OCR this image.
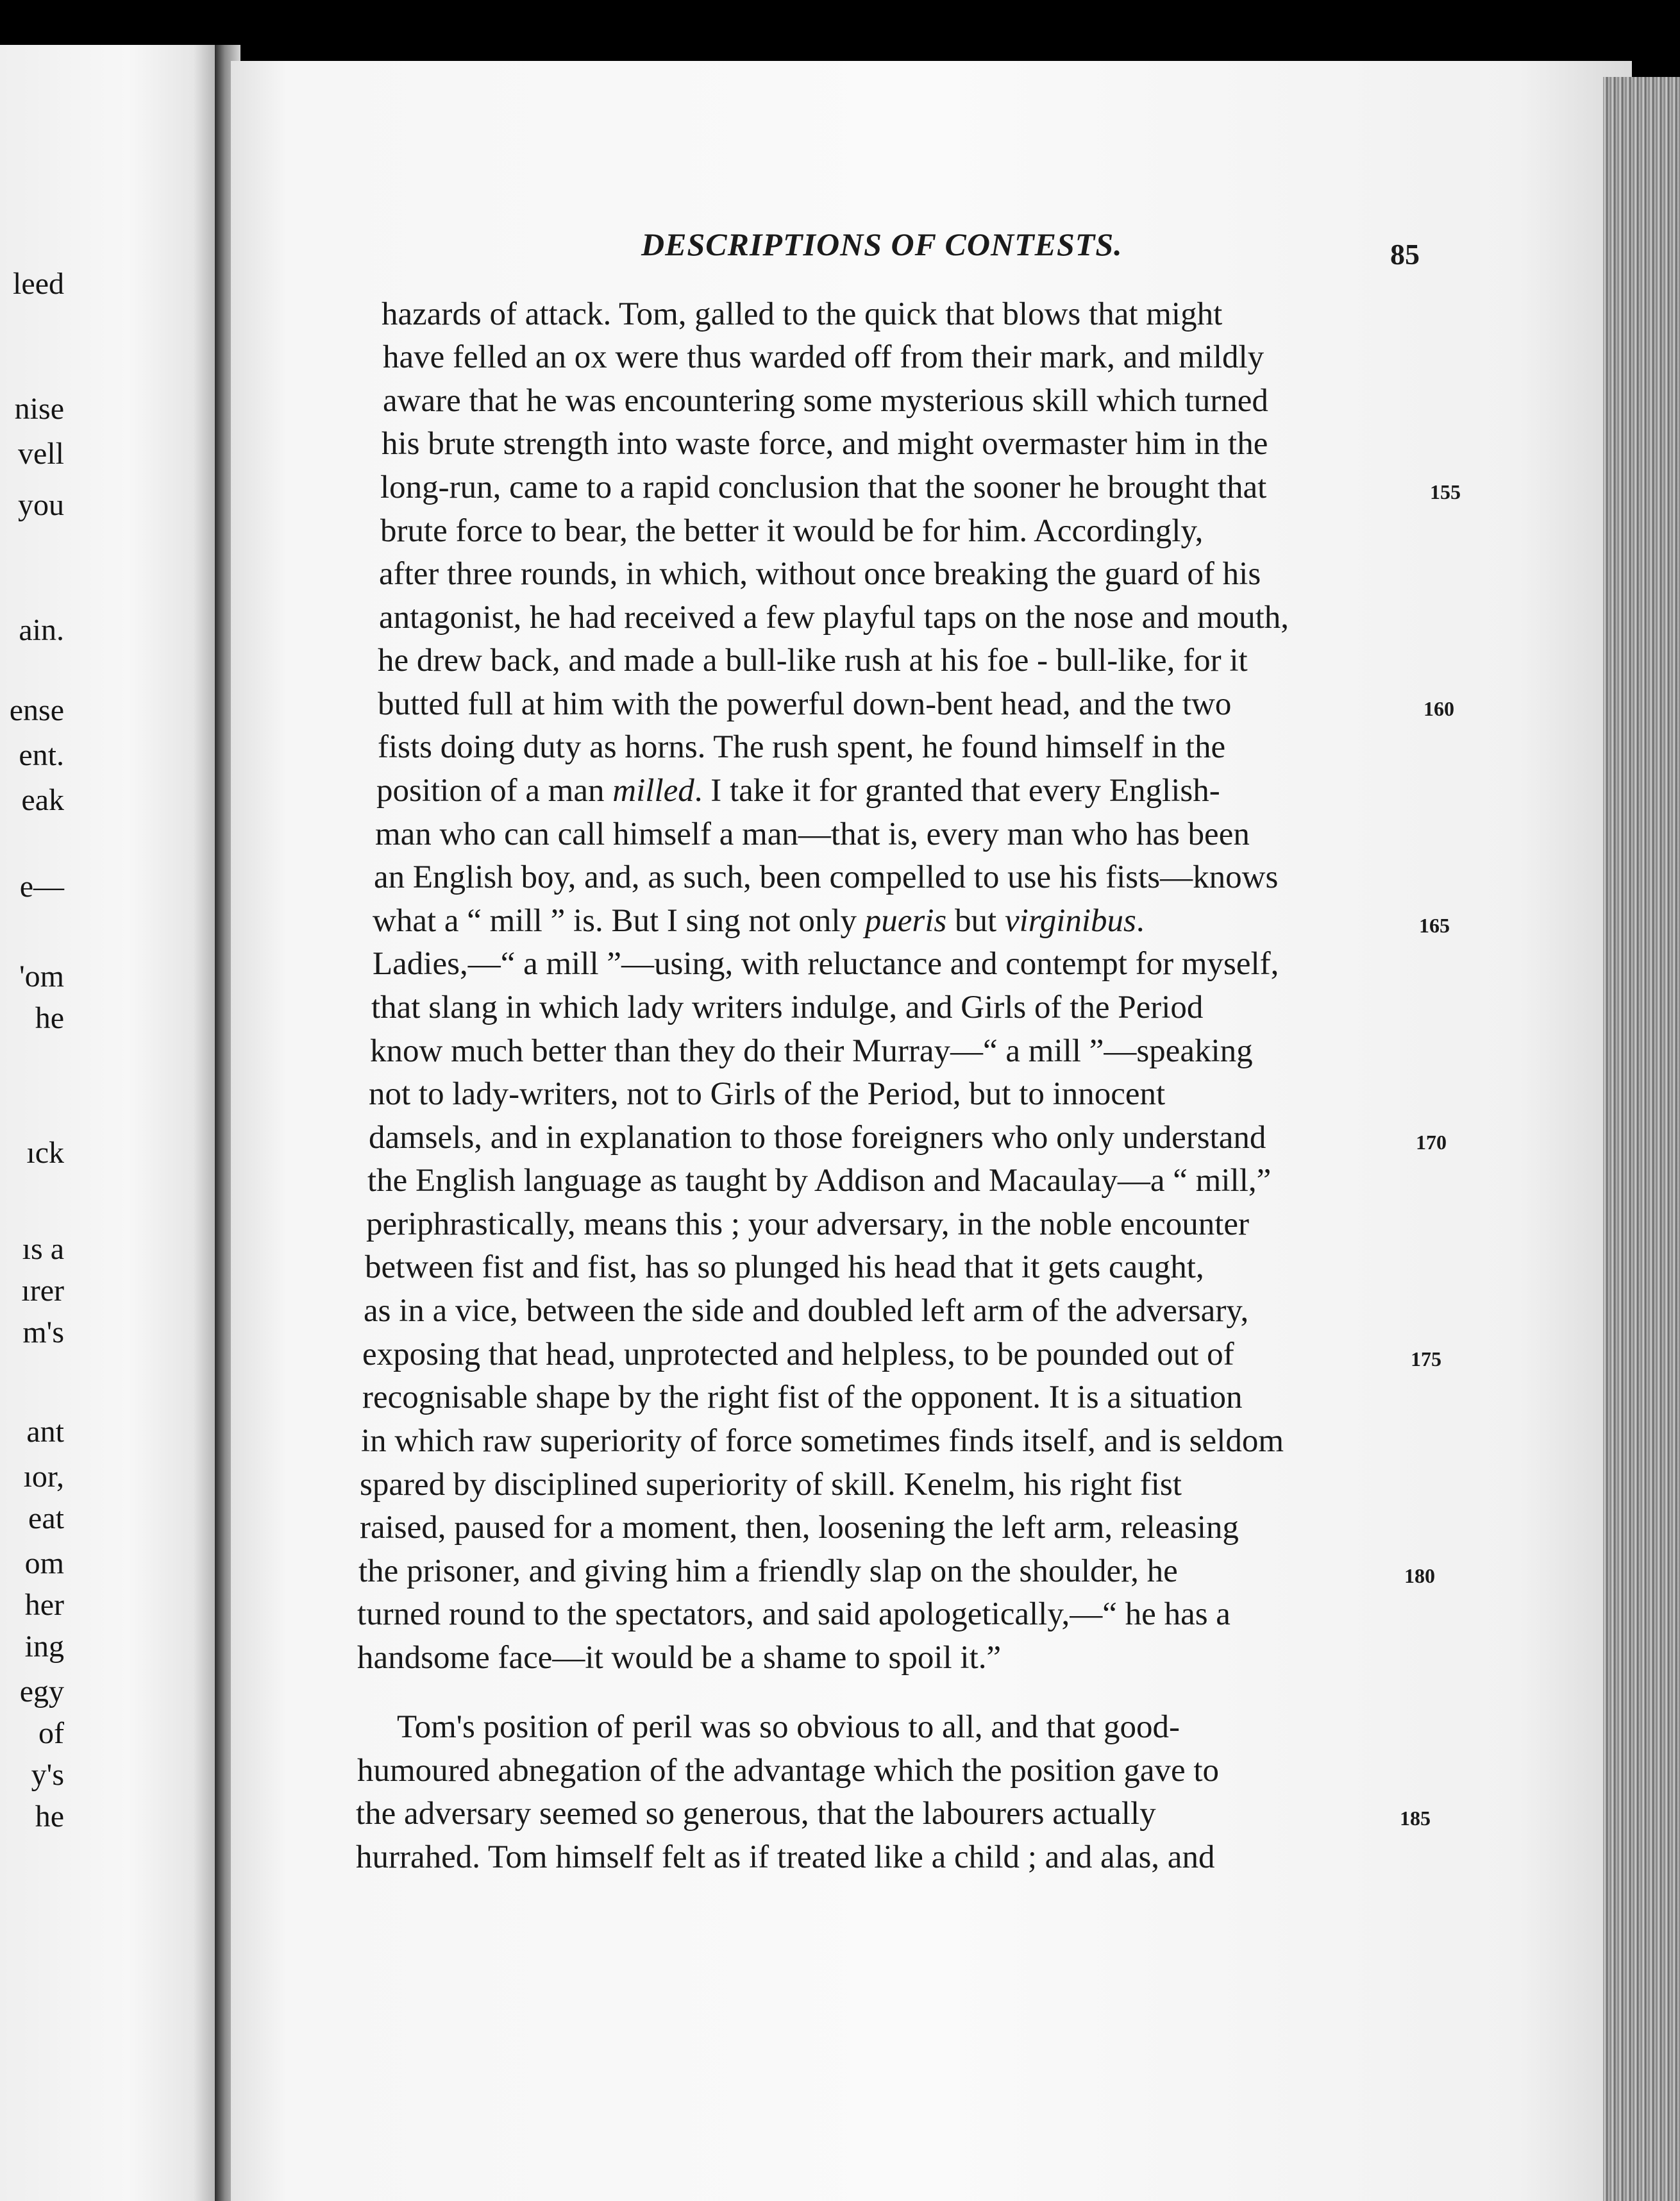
leed
nise
vell
you
ain.
ense
ent.
eak
e—
'om
he
ıck
ıs a
ırer
m's
ant
ıor,
eat
om
her
ing
egy
of
y's
he
DESCRIPTIONS OF CONTESTS.	85
hazards of attack. Tom, galled to the quick that blows that might
have felled an ox were thus warded off from their mark, and mildly
aware that he was encountering some mysterious skill which turned
his brute strength into waste force, and might overmaster him in the
long-run, came to a rapid conclusion that the sooner he brought that
brute force to bear, the better it would be for him. Accordingly,
after three rounds, in which, without once breaking the guard of his
antagonist, he had received a few playful taps on the nose and mouth,
he drew back, and made a bull-like rush at his foe - bull-like, for it
butted full at him with the powerful down-bent head, and the two
fists doing duty as horns. The rush spent, he found himself in the
position of a man milled. I take it for granted that every English-
man who can call himself a man—that is, every man who has been
an English boy, and, as such, been compelled to use his fists—knows
what a “ mill ” is. But I sing not only pueris but virginibus.
Ladies,—“ a mill ”—using, with reluctance and contempt for myself,
that slang in which lady writers indulge, and Girls of the Period
know much better than they do their Murray—“ a mill ”—speaking
not to lady-writers, not to Girls of the Period, but to innocent
damsels, and in explanation to those foreigners who only understand
the English language as taught by Addison and Macaulay—a “ mill,”
periphrastically, means this ; your adversary, in the noble encounter
between fist and fist, has so plunged his head that it gets caught,
as in a vice, between the side and doubled left arm of the adversary,
exposing that head, unprotected and helpless, to be pounded out of
recognisable shape by the right fist of the opponent. It is a situation
in which raw superiority of force sometimes finds itself, and is seldom
spared by disciplined superiority of skill. Kenelm, his right fist
raised, paused for a moment, then, loosening the left arm, releasing
the prisoner, and giving him a friendly slap on the shoulder, he
turned round to the spectators, and said apologetically,—“ he has a
handsome face—it would be a shame to spoil it.”
Tom's position of peril was so obvious to all, and that good-
humoured abnegation of the advantage which the position gave to
the adversary seemed so generous, that the labourers actually
hurrahed. Tom himself felt as if treated like a child ; and alas, and
155
160
165
170
175
180
185
